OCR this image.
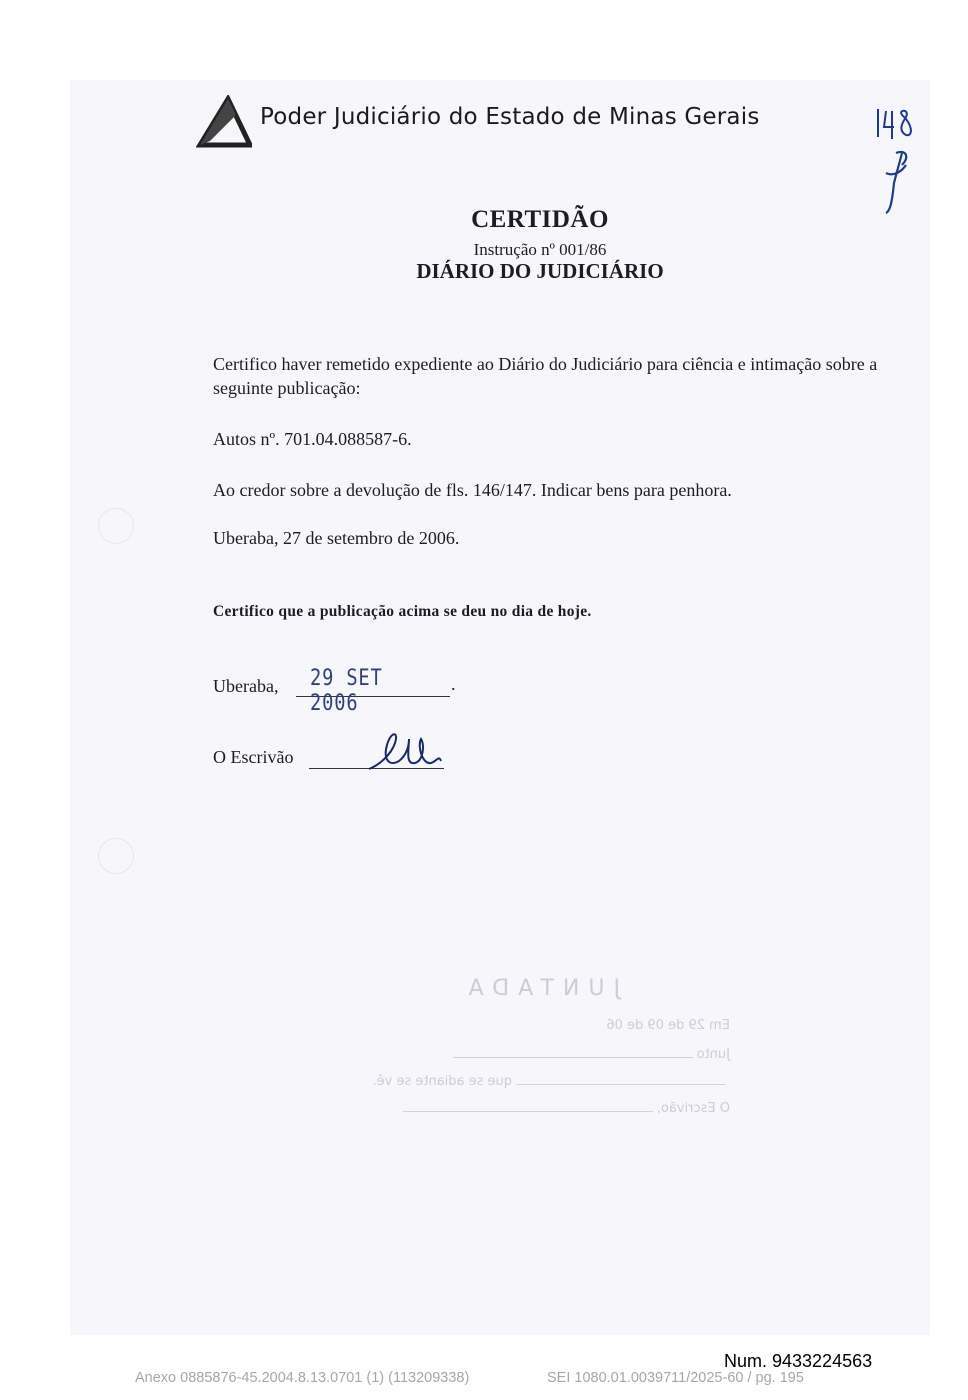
Poder Judiciário do Estado de Minas Gerais
CERTIDÃO
Instrução nº 001/86
DIÁRIO DO JUDICIÁRIO
Certifico haver remetido expediente ao Diário do Judiciário para ciência e intimação sobre a seguinte publicação:
Autos nº. 701.04.088587-6.
Ao credor sobre a devolução de fls. 146/147. Indicar bens para penhora.
Uberaba, 27 de setembro de 2006.
Certifico que a publicação acima se deu no dia de hoje.
Uberaba, 29 SET 2006
.
O Escrivão
JUNTADA
Em 29 de 09 de 06
Junto
que se adiante se vê.
O Escrivão,
Num. 9433224563
Anexo 0885876-45.2004.8.13.0701 (1) (113209338)	SEI 1080.01.0039711/2025-60 / pg. 195
